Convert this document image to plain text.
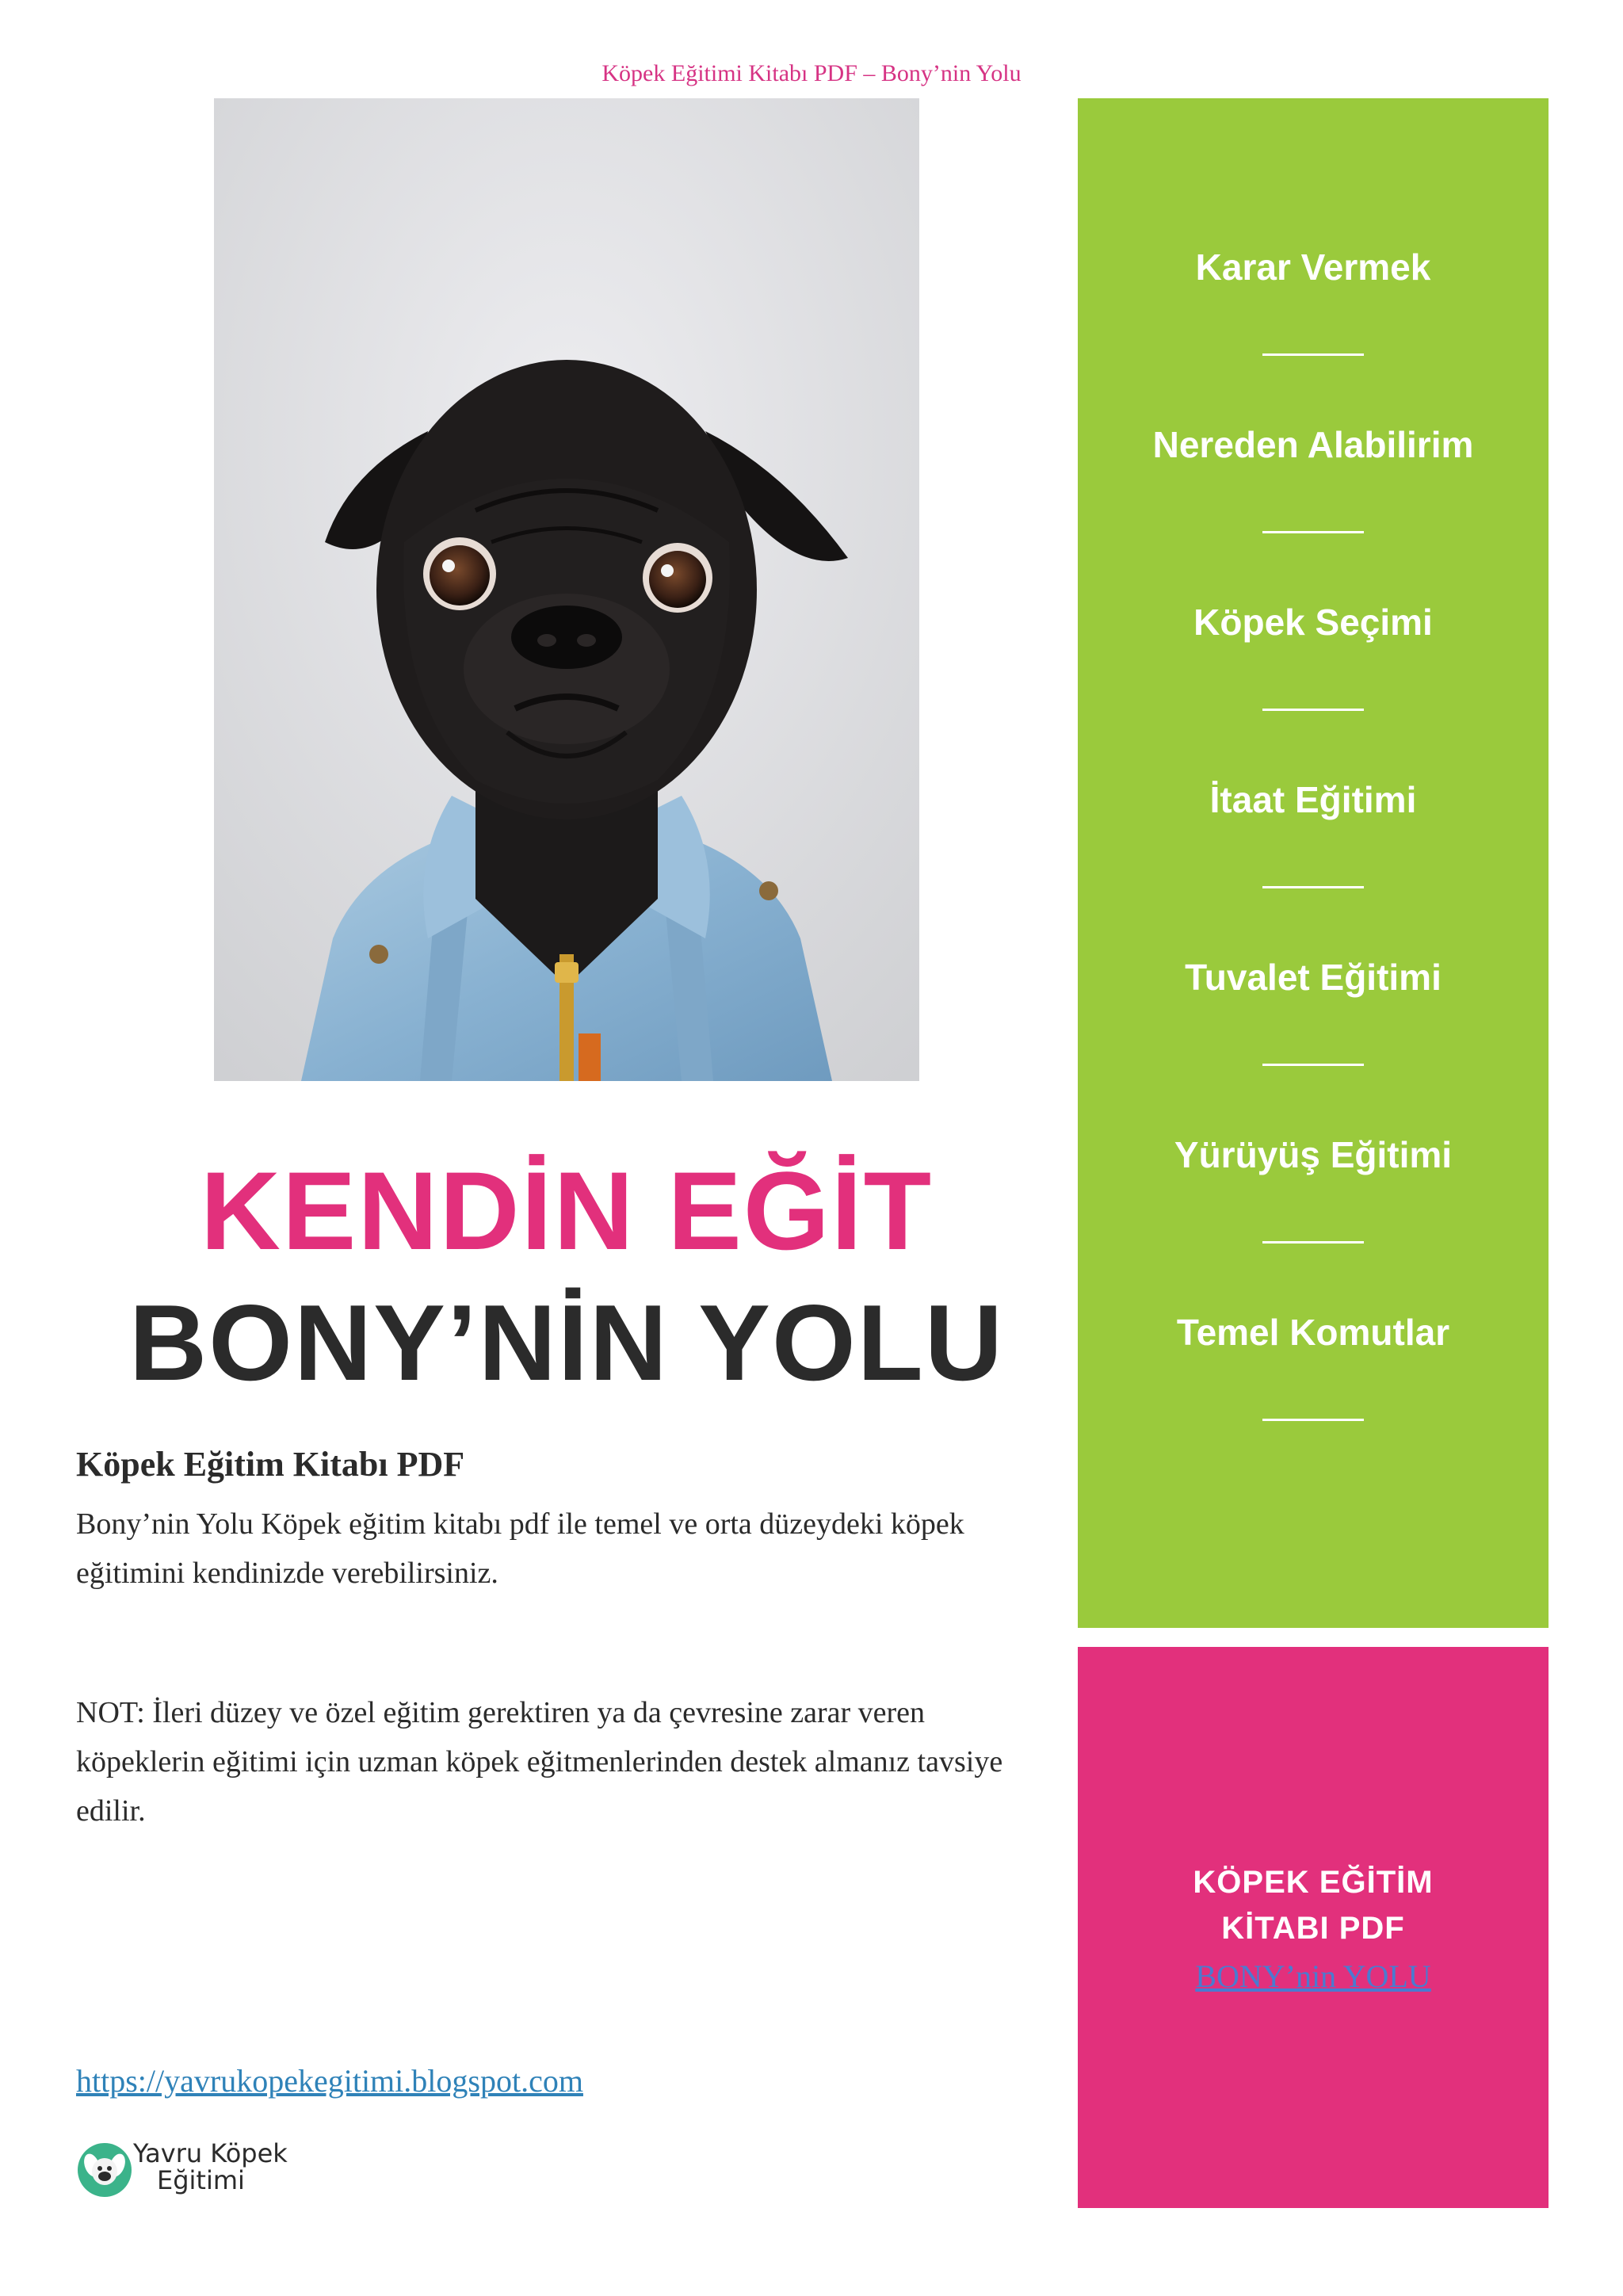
Köpek Eğitimi Kitabı PDF – Bony’nin Yolu
Karar Vermek
Nereden Alabilirim
Köpek Seçimi
İtaat Eğitimi
Tuvalet Eğitimi
Yürüyüş Eğitimi
Temel Komutlar
KÖPEK EĞİTİM
KİTABI PDF
BONY’nin YOLU
KENDİN EĞİT
BONY’NİN YOLU
Köpek Eğitim Kitabı PDF

Bony’nin Yolu Köpek eğitim kitabı pdf ile temel ve orta düzeydeki köpek eğitimini kendinizde verebilirsiniz.

NOT: İleri düzey ve özel eğitim gerektiren ya da çevresine zarar veren köpeklerin eğitimi için uzman köpek eğitmenlerinden destek almanız tavsiye edilir.

https://yavrukopekegitimi.blogspot.com
Yavru Köpek
Eğitimi
